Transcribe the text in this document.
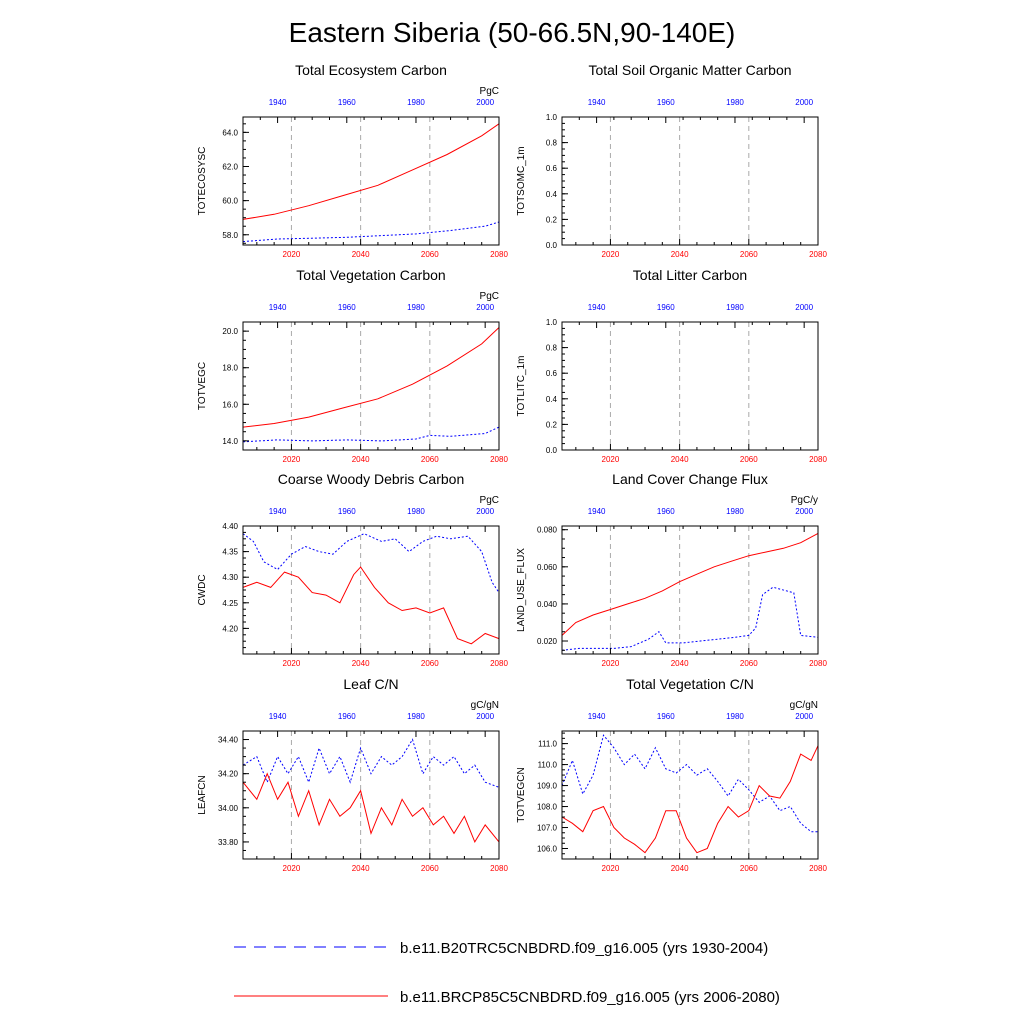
Eastern Siberia (50-66.5N,90-140E)
2020	2040	2060	2080
1940	1960	1980	2000
58.0
60.0
62.0
64.0
Total Ecosystem Carbon
TOTECOSYSC
PgC
2020	2040	2060	2080
1940	1960	1980	2000
0.0
0.2
0.4
0.6
0.8
1.0
Total Soil Organic Matter Carbon
TOTSOMC_1m
2020	2040	2060	2080
1940	1960	1980	2000
14.0
16.0
18.0
20.0
Total Vegetation Carbon
TOTVEGC
PgC
2020	2040	2060	2080
1940	1960	1980	2000
0.0
0.2
0.4
0.6
0.8
1.0
Total Litter Carbon
TOTLITC_1m
2020	2040	2060	2080
1940	1960	1980	2000
4.20
4.25
4.30
4.35
4.40
Coarse Woody Debris Carbon
CWDC
PgC
2020	2040	2060	2080
1940	1960	1980	2000
0.020
0.040
0.060
0.080
Land Cover Change Flux
LAND_USE_FLUX
PgC/y
2020	2040	2060	2080
1940	1960	1980	2000
33.80
34.00
34.20
34.40
Leaf C/N
LEAFCN
gC/gN
2020	2040	2060	2080
1940	1960	1980	2000
106.0
107.0
108.0
109.0
110.0
111.0
Total Vegetation C/N
TOTVEGCN
gC/gN
b.e11.B20TRC5CNBDRD.f09_g16.005 (yrs 1930-2004)
b.e11.BRCP85C5CNBDRD.f09_g16.005 (yrs 2006-2080)
